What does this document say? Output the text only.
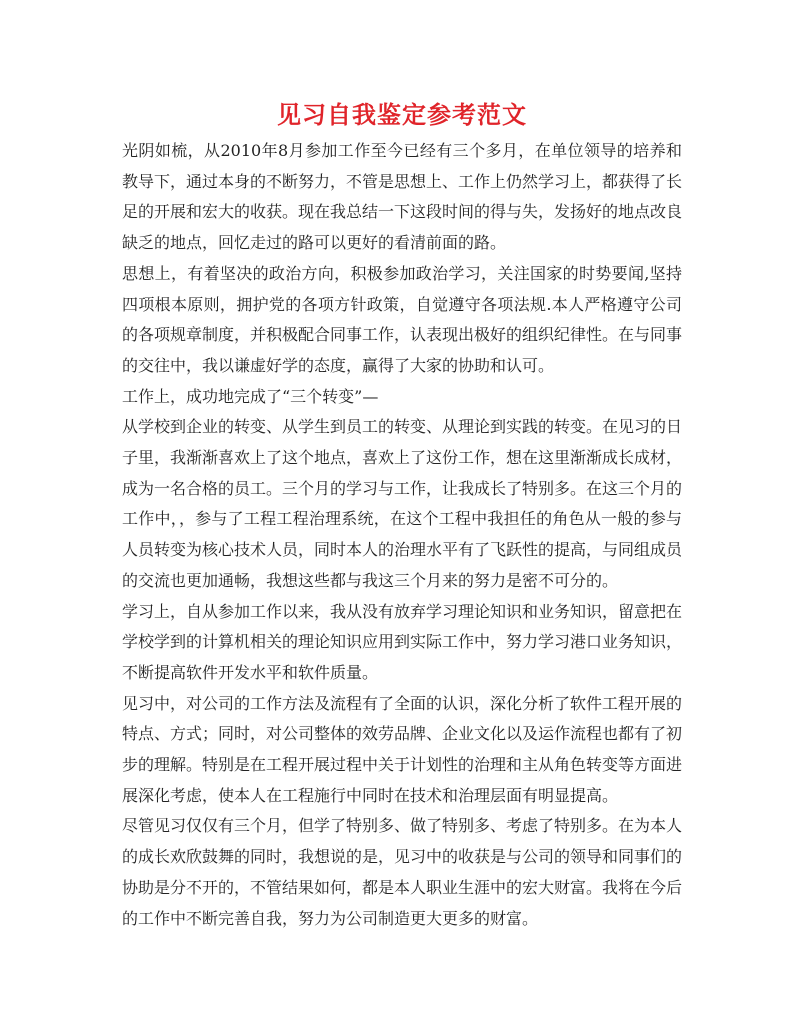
见习自我鉴定参考范文

光阴如梳，从2010年8月参加工作至今已经有三个多月，在单位领导的培养和教导下，通过本身的不断努力，不管是思想上、工作上仍然学习上，都获得了长足的开展和宏大的收获。现在我总结一下这段时间的得与失，发扬好的地点改良缺乏的地点，回忆走过的路可以更好的看清前面的路。

思想上，有着坚决的政治方向，积极参加政治学习，关注国家的时势要闻,坚持四项根本原则，拥护党的各项方针政策，自觉遵守各项法规.本人严格遵守公司的各项规章制度，并积极配合同事工作，认表现出极好的组织纪律性。在与同事的交往中，我以谦虚好学的态度，赢得了大家的协助和认可。

工作上，成功地完成了“三个转变”—

从学校到企业的转变、从学生到员工的转变、从理论到实践的转变。在见习的日子里，我渐渐喜欢上了这个地点，喜欢上了这份工作，想在这里渐渐成长成材，成为一名合格的员工。三个月的学习与工作，让我成长了特别多。在这三个月的工作中，，参与了工程工程治理系统，在这个工程中我担任的角色从一般的参与人员转变为核心技术人员，同时本人的治理水平有了飞跃性的提高，与同组成员的交流也更加通畅，我想这些都与我这三个月来的努力是密不可分的。

学习上，自从参加工作以来，我从没有放弃学习理论知识和业务知识，留意把在学校学到的计算机相关的理论知识应用到实际工作中，努力学习港口业务知识，不断提高软件开发水平和软件质量。

见习中，对公司的工作方法及流程有了全面的认识，深化分析了软件工程开展的特点、方式；同时，对公司整体的效劳品牌、企业文化以及运作流程也都有了初步的理解。特别是在工程开展过程中关于计划性的治理和主从角色转变等方面进展深化考虑，使本人在工程施行中同时在技术和治理层面有明显提高。

尽管见习仅仅有三个月，但学了特别多、做了特别多、考虑了特别多。在为本人的成长欢欣鼓舞的同时，我想说的是，见习中的收获是与公司的领导和同事们的协助是分不开的，不管结果如何，都是本人职业生涯中的宏大财富。我将在今后的工作中不断完善自我，努力为公司制造更大更多的财富。
